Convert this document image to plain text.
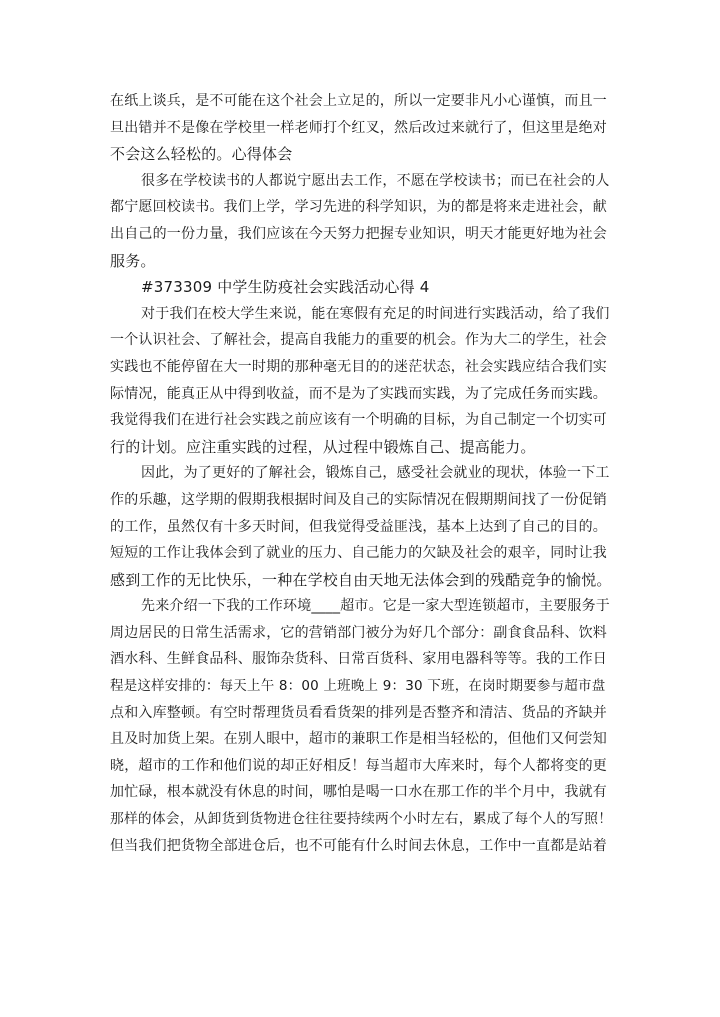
在纸上谈兵，是不可能在这个社会上立足的，所以一定要非凡小心谨慎，而且一
旦出错并不是像在学校里一样老师打个红叉，然后改过来就行了，但这里是绝对
不会这么轻松的。心得体会
很多在学校读书的人都说宁愿出去工作，不愿在学校读书；而已在社会的人
都宁愿回校读书。我们上学，学习先进的科学知识，为的都是将来走进社会，献
出自己的一份力量，我们应该在今天努力把握专业知识，明天才能更好地为社会
服务。
#373309 中学生防疫社会实践活动心得 4
对于我们在校大学生来说，能在寒假有充足的时间进行实践活动，给了我们
一个认识社会、了解社会，提高自我能力的重要的机会。作为大二的学生，社会
实践也不能停留在大一时期的那种毫无目的的迷茫状态，社会实践应结合我们实
际情况，能真正从中得到收益，而不是为了实践而实践，为了完成任务而实践。
我觉得我们在进行社会实践之前应该有一个明确的目标，为自己制定一个切实可
行的计划。应注重实践的过程，从过程中锻炼自己、提高能力。
因此，为了更好的了解社会，锻炼自己，感受社会就业的现状，体验一下工
作的乐趣，这学期的假期我根据时间及自己的实际情况在假期期间找了一份促销
的工作，虽然仅有十多天时间，但我觉得受益匪浅，基本上达到了自己的目的。
短短的工作让我体会到了就业的压力、自己能力的欠缺及社会的艰辛，同时让我
感到工作的无比快乐，一种在学校自由天地无法体会到的残酷竞争的愉悦。
先来介绍一下我的工作环境____超市。它是一家大型连锁超市，主要服务于
周边居民的日常生活需求，它的营销部门被分为好几个部分：副食食品科、饮料
酒水科、生鲜食品科、服饰杂货科、日常百货科、家用电器科等等。我的工作日
程是这样安排的：每天上午 8：00 上班晚上 9：30 下班，在岗时期要参与超市盘
点和入库整顿。有空时帮理货员看看货架的排列是否整齐和清洁、货品的齐缺并
且及时加货上架。在别人眼中，超市的兼职工作是相当轻松的，但他们又何尝知
晓，超市的工作和他们说的却正好相反！每当超市大库来时，每个人都将变的更
加忙碌，根本就没有休息的时间，哪怕是喝一口水在那工作的半个月中，我就有
那样的体会，从卸货到货物进仓往往要持续两个小时左右，累成了每个人的写照！
但当我们把货物全部进仓后，也不可能有什么时间去休息，工作中一直都是站着
